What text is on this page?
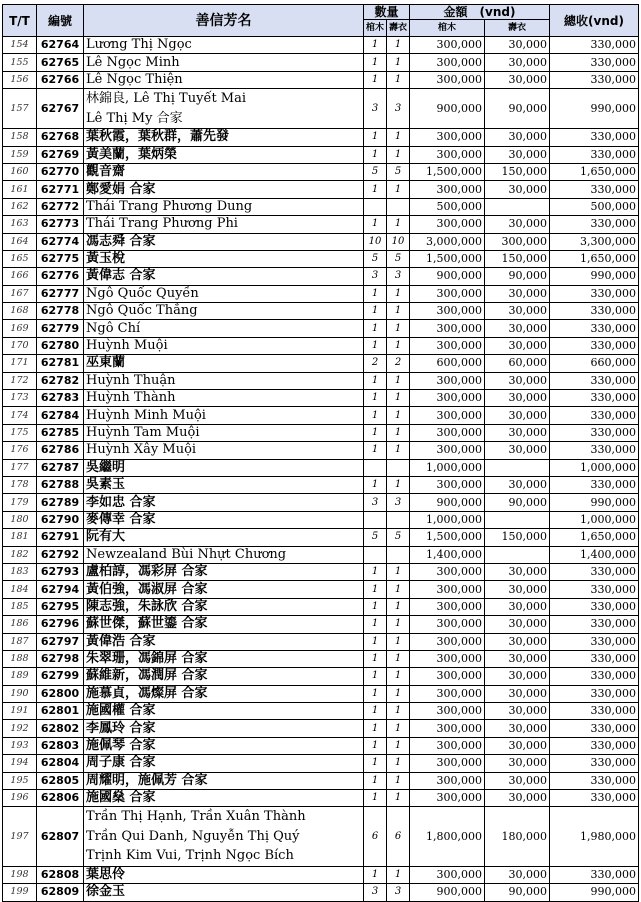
T/T	編號	善信芳名	數量		金額　(vnd)		總收(vnd)
			棺木	壽衣	棺木	壽衣	
154	62764	Lương Thị Ngọc	1	1	300,000	30,000	330,000
155	62765	Lê Ngọc Minh	1	1	300,000	30,000	330,000
156	62766	Lê Ngọc Thiện	1	1	300,000	30,000	330,000
157	62767	林錦良, Lê Thị Tuyết Mai
Lê Thị My 合家	3	3	900,000	90,000	990,000
158	62768	葉秋霞，葉秋群，蕭先發	1	1	300,000	30,000	330,000
159	62769	黃美蘭，葉炳榮	1	1	300,000	30,000	330,000
160	62770	觀音齋	5	5	1,500,000	150,000	1,650,000
161	62771	鄭愛娟 合家	1	1	300,000	30,000	330,000
162	62772	Thái Trang Phương Dung			500,000		500,000
163	62773	Thái Trang Phương Phi	1	1	300,000	30,000	330,000
164	62774	馮志舜 合家	10	10	3,000,000	300,000	3,300,000
165	62775	黃玉梲	5	5	1,500,000	150,000	1,650,000
166	62776	黃偉志 合家	3	3	900,000	90,000	990,000
167	62777	Ngô Quốc Quyền	1	1	300,000	30,000	330,000
168	62778	Ngô Quốc Thắng	1	1	300,000	30,000	330,000
169	62779	Ngô Chí	1	1	300,000	30,000	330,000
170	62780	Huỳnh Muội	1	1	300,000	30,000	330,000
171	62781	巫東蘭	2	2	600,000	60,000	660,000
172	62782	Huỳnh Thuận	1	1	300,000	30,000	330,000
173	62783	Huỳnh Thành	1	1	300,000	30,000	330,000
174	62784	Huỳnh Minh Muội	1	1	300,000	30,000	330,000
175	62785	Huỳnh Tam Muội	1	1	300,000	30,000	330,000
176	62786	Huỳnh Xây Muội	1	1	300,000	30,000	330,000
177	62787	吳繼明			1,000,000		1,000,000
178	62788	吳素玉	1	1	300,000	30,000	330,000
179	62789	李如忠 合家	3	3	900,000	90,000	990,000
180	62790	麥傳幸 合家			1,000,000		1,000,000
181	62791	阮有大	5	5	1,500,000	150,000	1,650,000
182	62792	Newzealand Bùi Nhựt Chương			1,400,000		1,400,000
183	62793	盧柏諄，馮彩屏 合家	1	1	300,000	30,000	330,000
184	62794	黃伯強，馮淑屏 合家	1	1	300,000	30,000	330,000
185	62795	陳志強，朱詠欣 合家	1	1	300,000	30,000	330,000
186	62796	蘇世傑，蘇世鎏 合家	1	1	300,000	30,000	330,000
187	62797	黃偉浩 合家	1	1	300,000	30,000	330,000
188	62798	朱翠珊，馮錦屏 合家	1	1	300,000	30,000	330,000
189	62799	蘇維新，馮潤屏 合家	1	1	300,000	30,000	330,000
190	62800	施慕貞，馮燦屏 合家	1	1	300,000	30,000	330,000
191	62801	施國權 合家	1	1	300,000	30,000	330,000
192	62802	李鳳玲 合家	1	1	300,000	30,000	330,000
193	62803	施佩琴 合家	1	1	300,000	30,000	330,000
194	62804	周子康 合家	1	1	300,000	30,000	330,000
195	62805	周耀明，施佩芳 合家	1	1	300,000	30,000	330,000
196	62806	施國燊 合家	1	1	300,000	30,000	330,000
197	62807	Trần Thị Hạnh, Trần Xuân Thành
Trần Qui Danh, Nguyễn Thị Quý
Trịnh Kim Vui, Trịnh Ngọc Bích	6	6	1,800,000	180,000	1,980,000
198	62808	葉思伶	1	1	300,000	30,000	330,000
199	62809	徐金玉	3	3	900,000	90,000	990,000
